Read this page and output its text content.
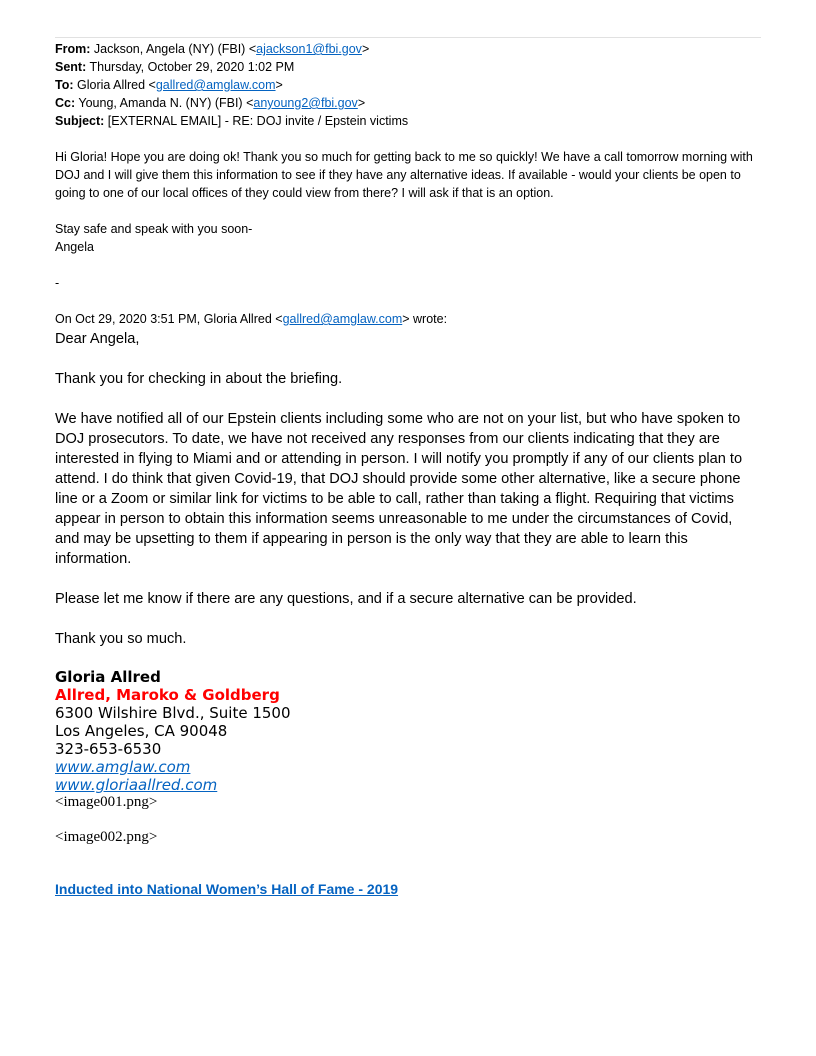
From: Jackson, Angela (NY) (FBI) <ajackson1@fbi.gov>
Sent: Thursday, October 29, 2020 1:02 PM
To: Gloria Allred <gallred@amglaw.com>
Cc: Young, Amanda N. (NY) (FBI) <anyoung2@fbi.gov>
Subject: [EXTERNAL EMAIL] - RE: DOJ invite / Epstein victims
Hi Gloria! Hope you are doing ok! Thank you so much for getting back to me so quickly! We have a call tomorrow morning with DOJ and I will give them this information to see if they have any alternative ideas. If available - would your clients be open to going to one of our local offices of they could view from there? I will ask if that is an option.
Stay safe and speak with you soon-
Angela
-
On Oct 29, 2020 3:51 PM, Gloria Allred <gallred@amglaw.com> wrote:
Dear Angela,
Thank you for checking in about the briefing.
We have notified all of our Epstein clients including some who are not on your list, but who have spoken to DOJ prosecutors. To date, we have not received any responses from our clients indicating that they are interested in flying to Miami and or attending in person. I will notify you promptly if any of our clients plan to attend. I do think that given Covid-19, that DOJ should provide some other alternative, like a secure phone line or a Zoom or similar link for victims to be able to call, rather than taking a flight. Requiring that victims appear in person to obtain this information seems unreasonable to me under the circumstances of Covid, and may be upsetting to them if appearing in person is the only way that they are able to learn this information.
Please let me know if there are any questions, and if a secure alternative can be provided.
Thank you so much.
Gloria Allred
Allred, Maroko & Goldberg
6300 Wilshire Blvd., Suite 1500
Los Angeles, CA 90048
323-653-6530
www.amglaw.com
www.gloriaallred.com
<image001.png>
<image002.png>
Inducted into National Women’s Hall of Fame - 2019
